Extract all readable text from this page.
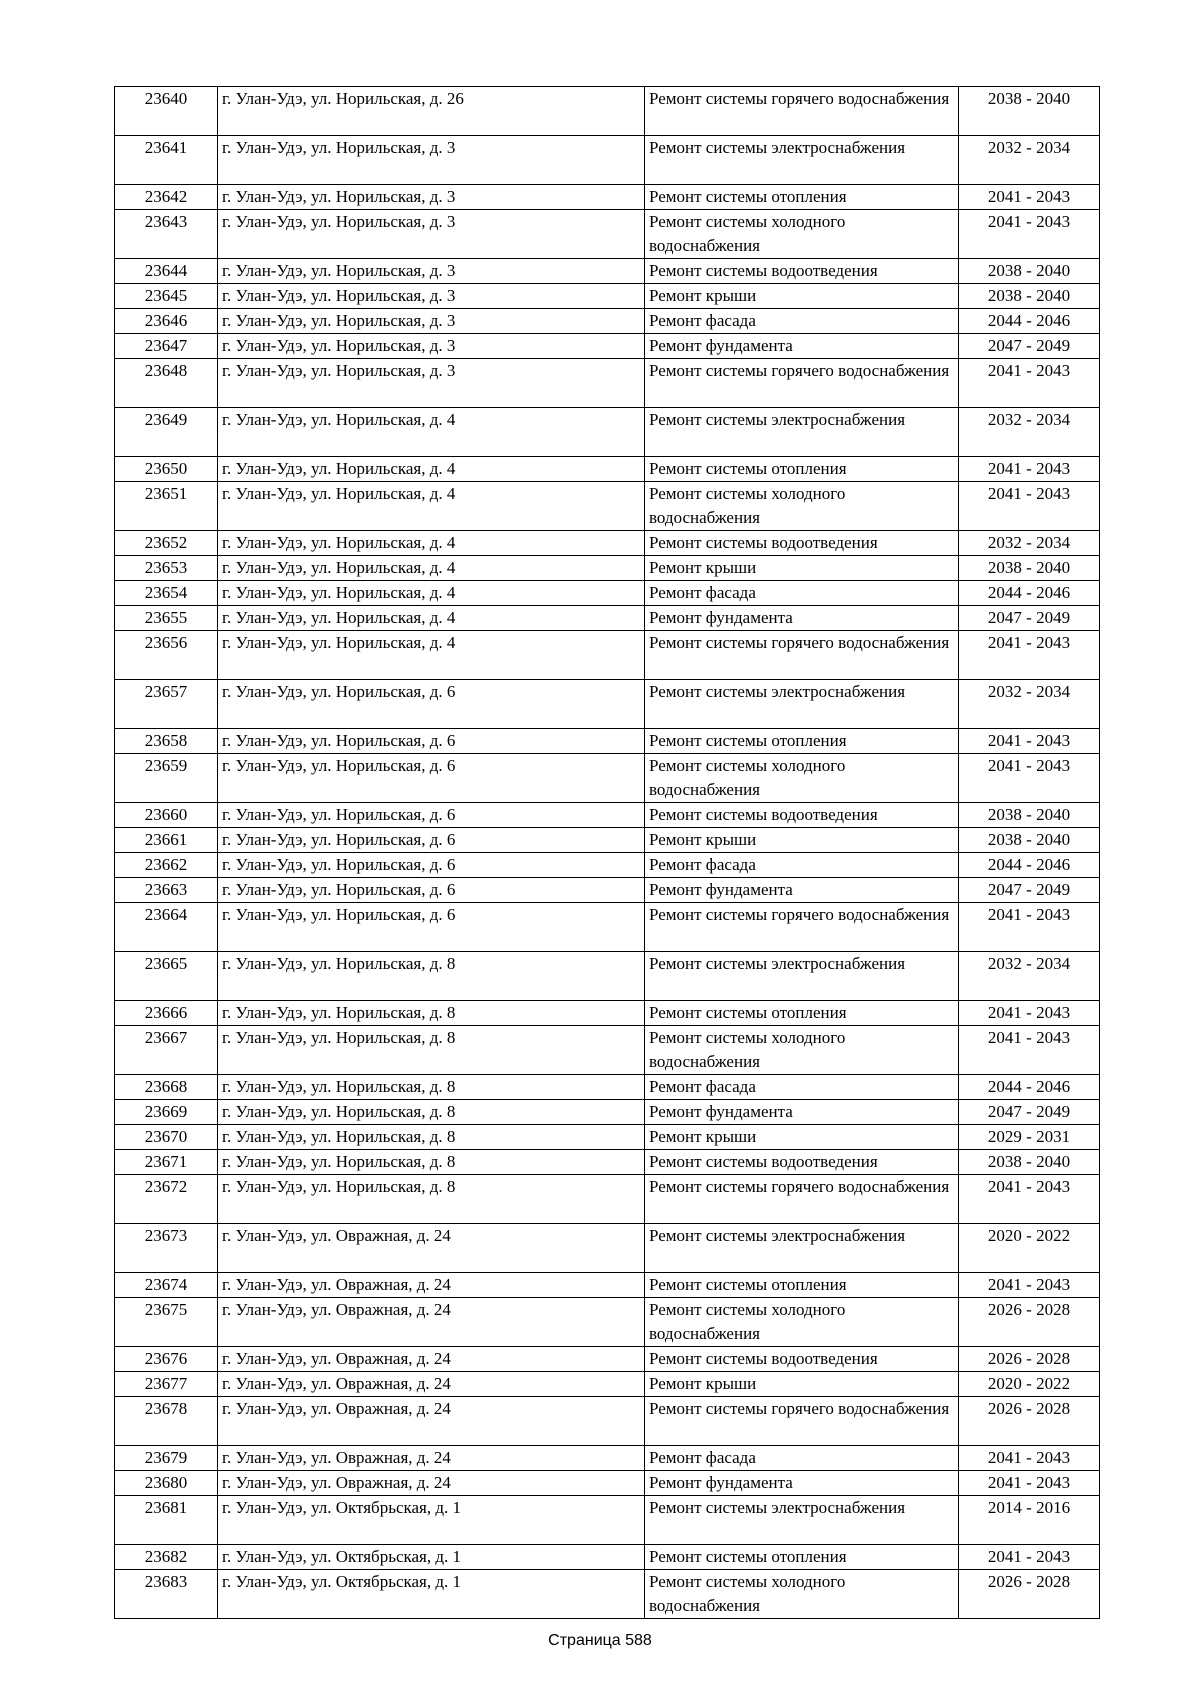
23640	г. Улан-Удэ, ул. Норильская, д. 26	Ремонт системы горячего водоснабжения	2038 - 2040
23641	г. Улан-Удэ, ул. Норильская, д. 3	Ремонт системы электроснабжения	2032 - 2034
23642	г. Улан-Удэ, ул. Норильская, д. 3	Ремонт системы отопления	2041 - 2043
23643	г. Улан-Удэ, ул. Норильская, д. 3	Ремонт системы холодного водоснабжения	2041 - 2043
23644	г. Улан-Удэ, ул. Норильская, д. 3	Ремонт системы водоотведения	2038 - 2040
23645	г. Улан-Удэ, ул. Норильская, д. 3	Ремонт крыши	2038 - 2040
23646	г. Улан-Удэ, ул. Норильская, д. 3	Ремонт фасада	2044 - 2046
23647	г. Улан-Удэ, ул. Норильская, д. 3	Ремонт фундамента	2047 - 2049
23648	г. Улан-Удэ, ул. Норильская, д. 3	Ремонт системы горячего водоснабжения	2041 - 2043
23649	г. Улан-Удэ, ул. Норильская, д. 4	Ремонт системы электроснабжения	2032 - 2034
23650	г. Улан-Удэ, ул. Норильская, д. 4	Ремонт системы отопления	2041 - 2043
23651	г. Улан-Удэ, ул. Норильская, д. 4	Ремонт системы холодного водоснабжения	2041 - 2043
23652	г. Улан-Удэ, ул. Норильская, д. 4	Ремонт системы водоотведения	2032 - 2034
23653	г. Улан-Удэ, ул. Норильская, д. 4	Ремонт крыши	2038 - 2040
23654	г. Улан-Удэ, ул. Норильская, д. 4	Ремонт фасада	2044 - 2046
23655	г. Улан-Удэ, ул. Норильская, д. 4	Ремонт фундамента	2047 - 2049
23656	г. Улан-Удэ, ул. Норильская, д. 4	Ремонт системы горячего водоснабжения	2041 - 2043
23657	г. Улан-Удэ, ул. Норильская, д. 6	Ремонт системы электроснабжения	2032 - 2034
23658	г. Улан-Удэ, ул. Норильская, д. 6	Ремонт системы отопления	2041 - 2043
23659	г. Улан-Удэ, ул. Норильская, д. 6	Ремонт системы холодного водоснабжения	2041 - 2043
23660	г. Улан-Удэ, ул. Норильская, д. 6	Ремонт системы водоотведения	2038 - 2040
23661	г. Улан-Удэ, ул. Норильская, д. 6	Ремонт крыши	2038 - 2040
23662	г. Улан-Удэ, ул. Норильская, д. 6	Ремонт фасада	2044 - 2046
23663	г. Улан-Удэ, ул. Норильская, д. 6	Ремонт фундамента	2047 - 2049
23664	г. Улан-Удэ, ул. Норильская, д. 6	Ремонт системы горячего водоснабжения	2041 - 2043
23665	г. Улан-Удэ, ул. Норильская, д. 8	Ремонт системы электроснабжения	2032 - 2034
23666	г. Улан-Удэ, ул. Норильская, д. 8	Ремонт системы отопления	2041 - 2043
23667	г. Улан-Удэ, ул. Норильская, д. 8	Ремонт системы холодного водоснабжения	2041 - 2043
23668	г. Улан-Удэ, ул. Норильская, д. 8	Ремонт фасада	2044 - 2046
23669	г. Улан-Удэ, ул. Норильская, д. 8	Ремонт фундамента	2047 - 2049
23670	г. Улан-Удэ, ул. Норильская, д. 8	Ремонт крыши	2029 - 2031
23671	г. Улан-Удэ, ул. Норильская, д. 8	Ремонт системы водоотведения	2038 - 2040
23672	г. Улан-Удэ, ул. Норильская, д. 8	Ремонт системы горячего водоснабжения	2041 - 2043
23673	г. Улан-Удэ, ул. Овражная, д. 24	Ремонт системы электроснабжения	2020 - 2022
23674	г. Улан-Удэ, ул. Овражная, д. 24	Ремонт системы отопления	2041 - 2043
23675	г. Улан-Удэ, ул. Овражная, д. 24	Ремонт системы холодного водоснабжения	2026 - 2028
23676	г. Улан-Удэ, ул. Овражная, д. 24	Ремонт системы водоотведения	2026 - 2028
23677	г. Улан-Удэ, ул. Овражная, д. 24	Ремонт крыши	2020 - 2022
23678	г. Улан-Удэ, ул. Овражная, д. 24	Ремонт системы горячего водоснабжения	2026 - 2028
23679	г. Улан-Удэ, ул. Овражная, д. 24	Ремонт фасада	2041 - 2043
23680	г. Улан-Удэ, ул. Овражная, д. 24	Ремонт фундамента	2041 - 2043
23681	г. Улан-Удэ, ул. Октябрьская, д. 1	Ремонт системы электроснабжения	2014 - 2016
23682	г. Улан-Удэ, ул. Октябрьская, д. 1	Ремонт системы отопления	2041 - 2043
23683	г. Улан-Удэ, ул. Октябрьская, д. 1	Ремонт системы холодного водоснабжения	2026 - 2028
Страница 588
